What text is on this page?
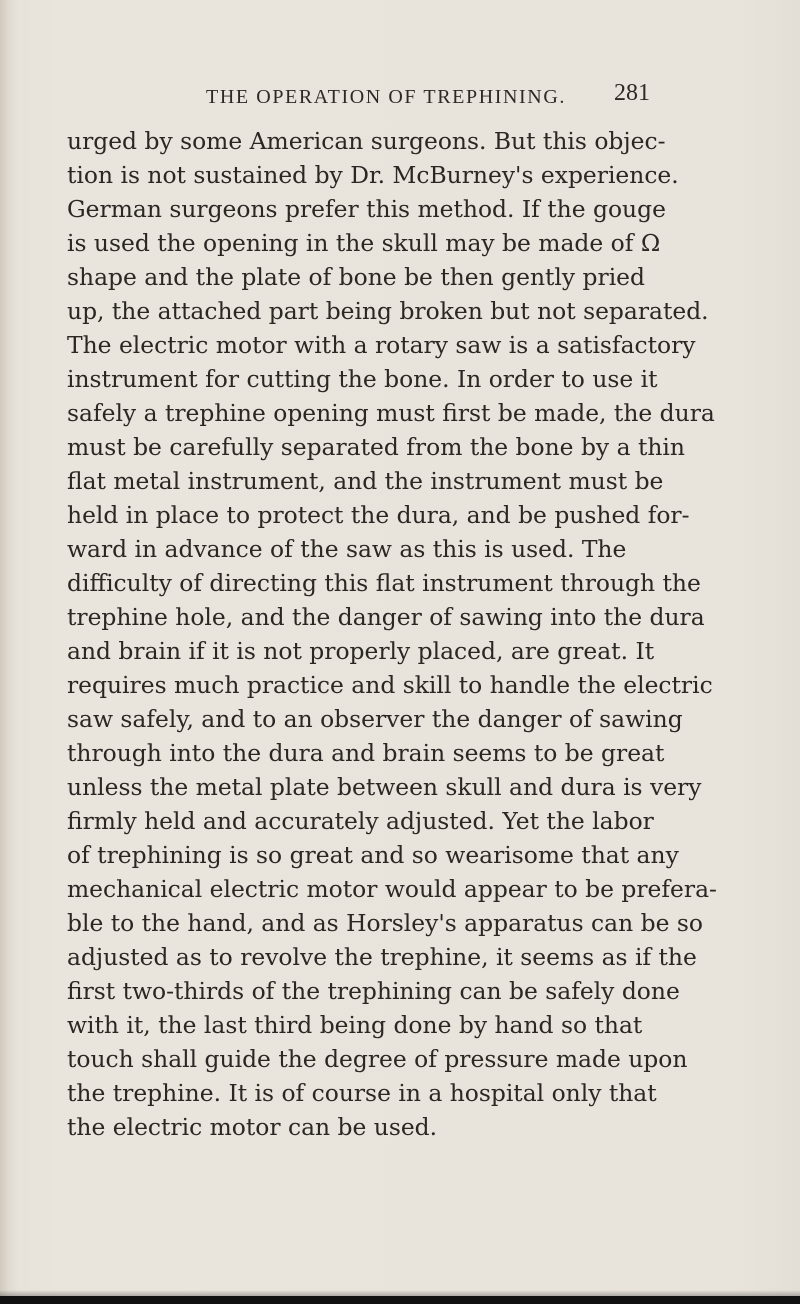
THE OPERATION OF TREPHINING. 281
urged by some American surgeons. But this objec-
tion is not sustained by Dr. McBurney's experience.
German surgeons prefer this method. If the gouge
is used the opening in the skull may be made of Ω
shape and the plate of bone be then gently pried
up, the attached part being broken but not separated.
The electric motor with a rotary saw is a satisfactory
instrument for cutting the bone. In order to use it
safely a trephine opening must first be made, the dura
must be carefully separated from the bone by a thin
flat metal instrument, and the instrument must be
held in place to protect the dura, and be pushed for-
ward in advance of the saw as this is used. The
difficulty of directing this flat instrument through the
trephine hole, and the danger of sawing into the dura
and brain if it is not properly placed, are great. It
requires much practice and skill to handle the electric
saw safely, and to an observer the danger of sawing
through into the dura and brain seems to be great
unless the metal plate between skull and dura is very
firmly held and accurately adjusted. Yet the labor
of trephining is so great and so wearisome that any
mechanical electric motor would appear to be prefera-
ble to the hand, and as Horsley's apparatus can be so
adjusted as to revolve the trephine, it seems as if the
first two-thirds of the trephining can be safely done
with it, the last third being done by hand so that
touch shall guide the degree of pressure made upon
the trephine. It is of course in a hospital only that
the electric motor can be used.
